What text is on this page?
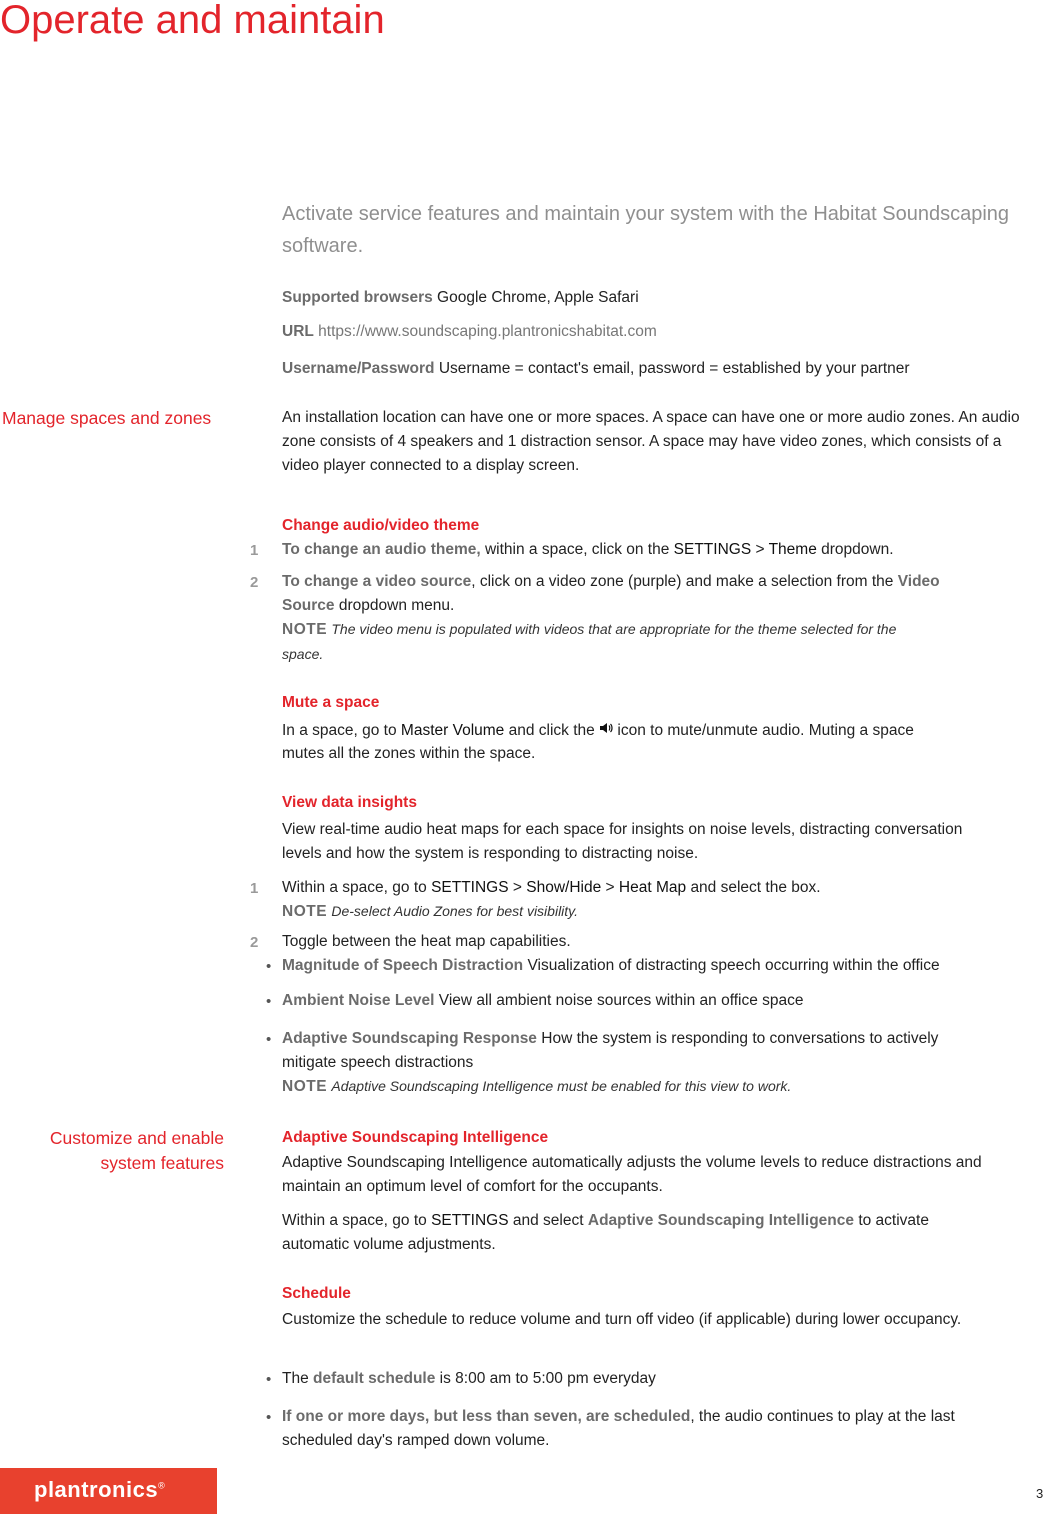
Operate and maintain
Activate service features and maintain your system with the Habitat Soundscaping software.
Supported browsers Google Chrome, Apple Safari
URL https://www.soundscaping.plantronicshabitat.com
Username/Password Username = contact's email, password = established by your partner
Manage spaces and zones	An installation location can have one or more spaces. A space can have one or more audio zones. An audio zone consists of 4 speakers and 1 distraction sensor. A space may have video zones, which consists of a video player connected to a display screen.
Change audio/video theme
1 To change an audio theme, within a space, click on the SETTINGS > Theme dropdown.
2 To change a video source, click on a video zone (purple) and make a selection from the Video
Source dropdown menu.
NOTE The video menu is populated with videos that are appropriate for the theme selected for the
space.
Mute a space
In a space, go to Master Volume and click the icon to mute/unmute audio. Muting a space
mutes all the zones within the space.
View data insights
View real-time audio heat maps for each space for insights on noise levels, distracting conversation levels and how the system is responding to distracting noise.
1 Within a space, go to SETTINGS > Show/Hide > Heat Map and select the box.
NOTE De-select Audio Zones for best visibility.
2 Toggle between the heat map capabilities.
• Magnitude of Speech Distraction Visualization of distracting speech occurring within the office
• Ambient Noise Level View all ambient noise sources within an office space
• Adaptive Soundscaping Response How the system is responding to conversations to actively
mitigate speech distractions
NOTE Adaptive Soundscaping Intelligence must be enabled for this view to work.
Customize and enable
system features
Adaptive Soundscaping Intelligence
Adaptive Soundscaping Intelligence automatically adjusts the volume levels to reduce distractions and maintain an optimum level of comfort for the occupants.
Within a space, go to SETTINGS and select Adaptive Soundscaping Intelligence to activate
automatic volume adjustments.
Schedule
Customize the schedule to reduce volume and turn off video (if applicable) during lower occupancy.
• The default schedule is 8:00 am to 5:00 pm everyday
• If one or more days, but less than seven, are scheduled, the audio continues to play at the last
scheduled day's ramped down volume.
plantronics®
3
